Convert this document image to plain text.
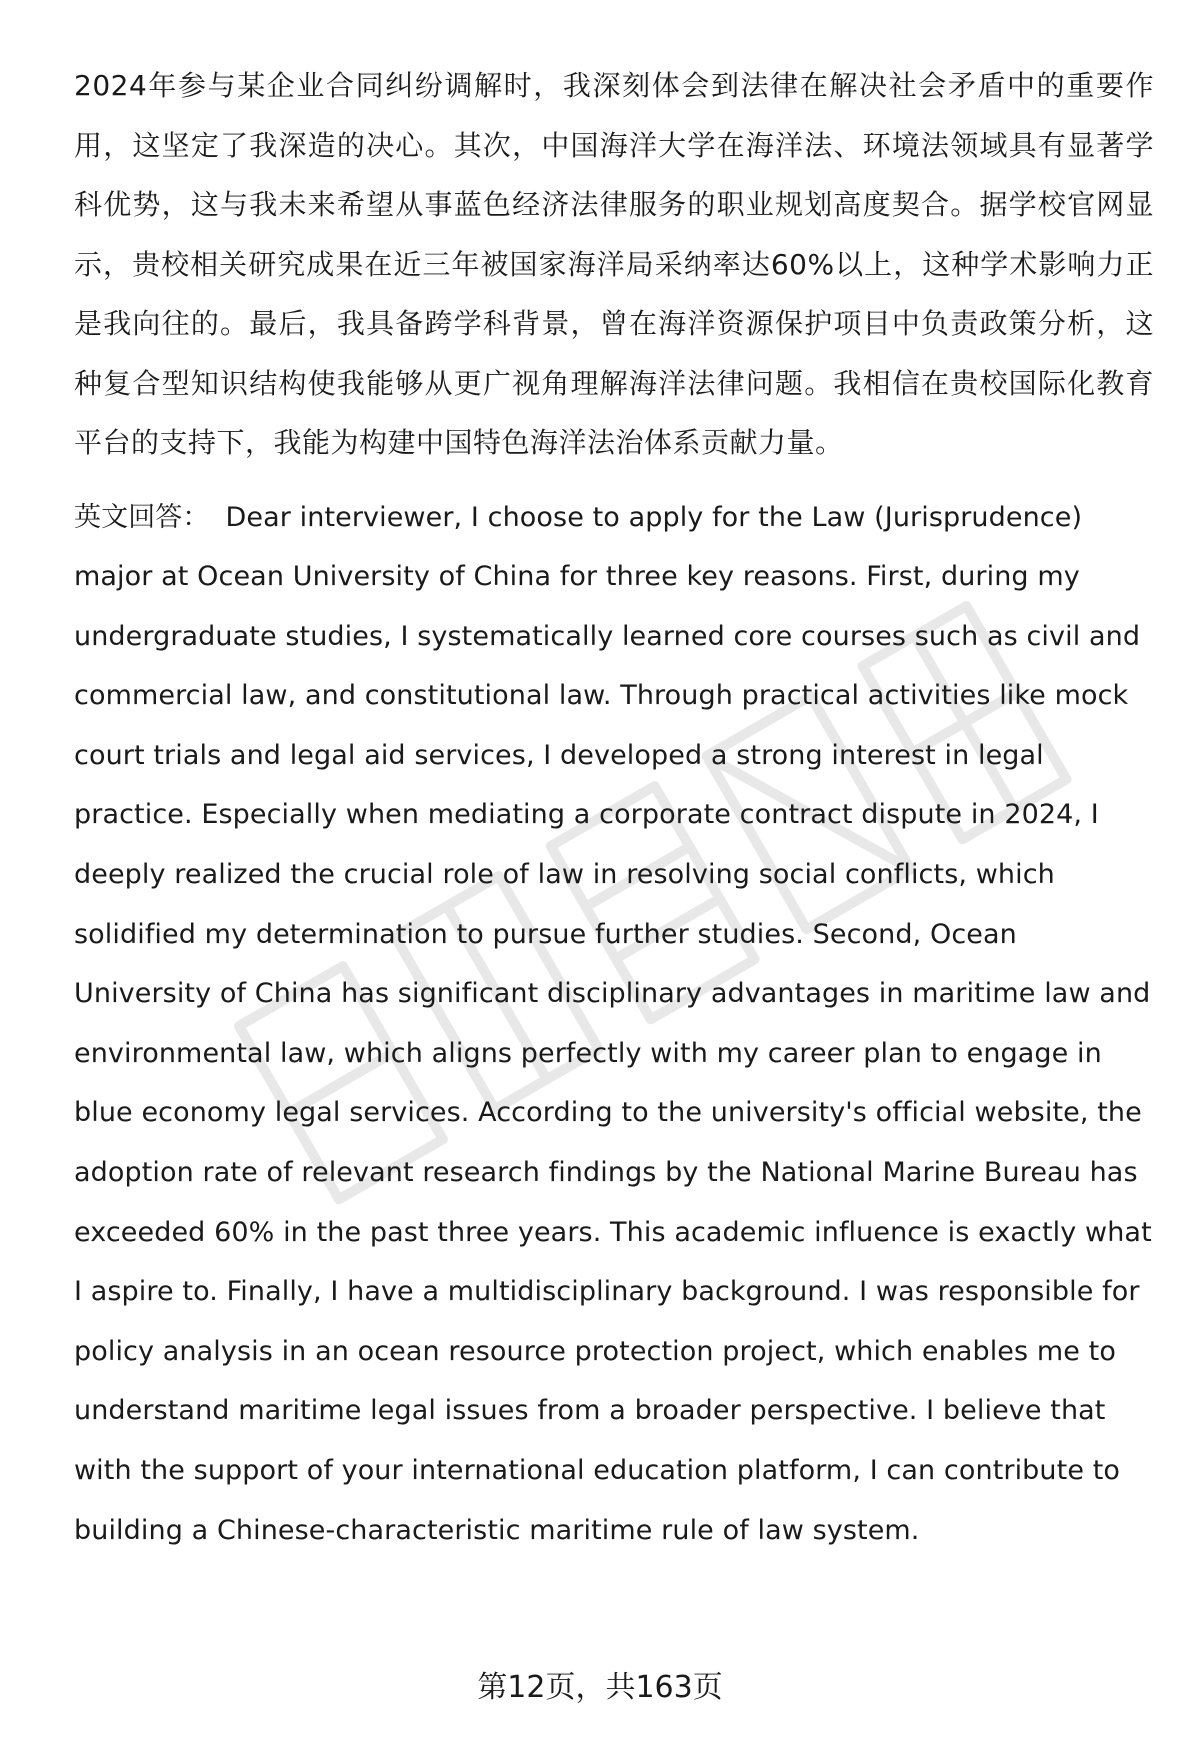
2024年参与某企业合同纠纷调解时，我深刻体会到法律在解决社会矛盾中的重要作用，这坚定了我深造的决心。其次，中国海洋大学在海洋法、环境法领域具有显著学科优势，这与我未来希望从事蓝色经济法律服务的职业规划高度契合。据学校官网显示，贵校相关研究成果在近三年被国家海洋局采纳率达60%以上，这种学术影响力正是我向往的。最后，我具备跨学科背景，曾在海洋资源保护项目中负责政策分析，这种复合型知识结构使我能够从更广视角理解海洋法律问题。我相信在贵校国际化教育平台的支持下，我能为构建中国特色海洋法治体系贡献力量。

英文回答： Dear interviewer, I choose to apply for the Law (Jurisprudence) major at Ocean University of China for three key reasons. First, during my undergraduate studies, I systematically learned core courses such as civil and commercial law, and constitutional law. Through practical activities like mock court trials and legal aid services, I developed a strong interest in legal practice. Especially when mediating a corporate contract dispute in 2024, I deeply realized the crucial role of law in resolving social conflicts, which solidified my determination to pursue further studies. Second, Ocean University of China has significant disciplinary advantages in maritime law and environmental law, which aligns perfectly with my career plan to engage in blue economy legal services. According to the university's official website, the adoption rate of relevant research findings by the National Marine Bureau has exceeded 60% in the past three years. This academic influence is exactly what I aspire to. Finally, I have a multidisciplinary background. I was responsible for policy analysis in an ocean resource protection project, which enables me to understand maritime legal issues from a broader perspective. I believe that with the support of your international education platform, I can contribute to building a Chinese-characteristic maritime rule of law system.

第12页，共163页
